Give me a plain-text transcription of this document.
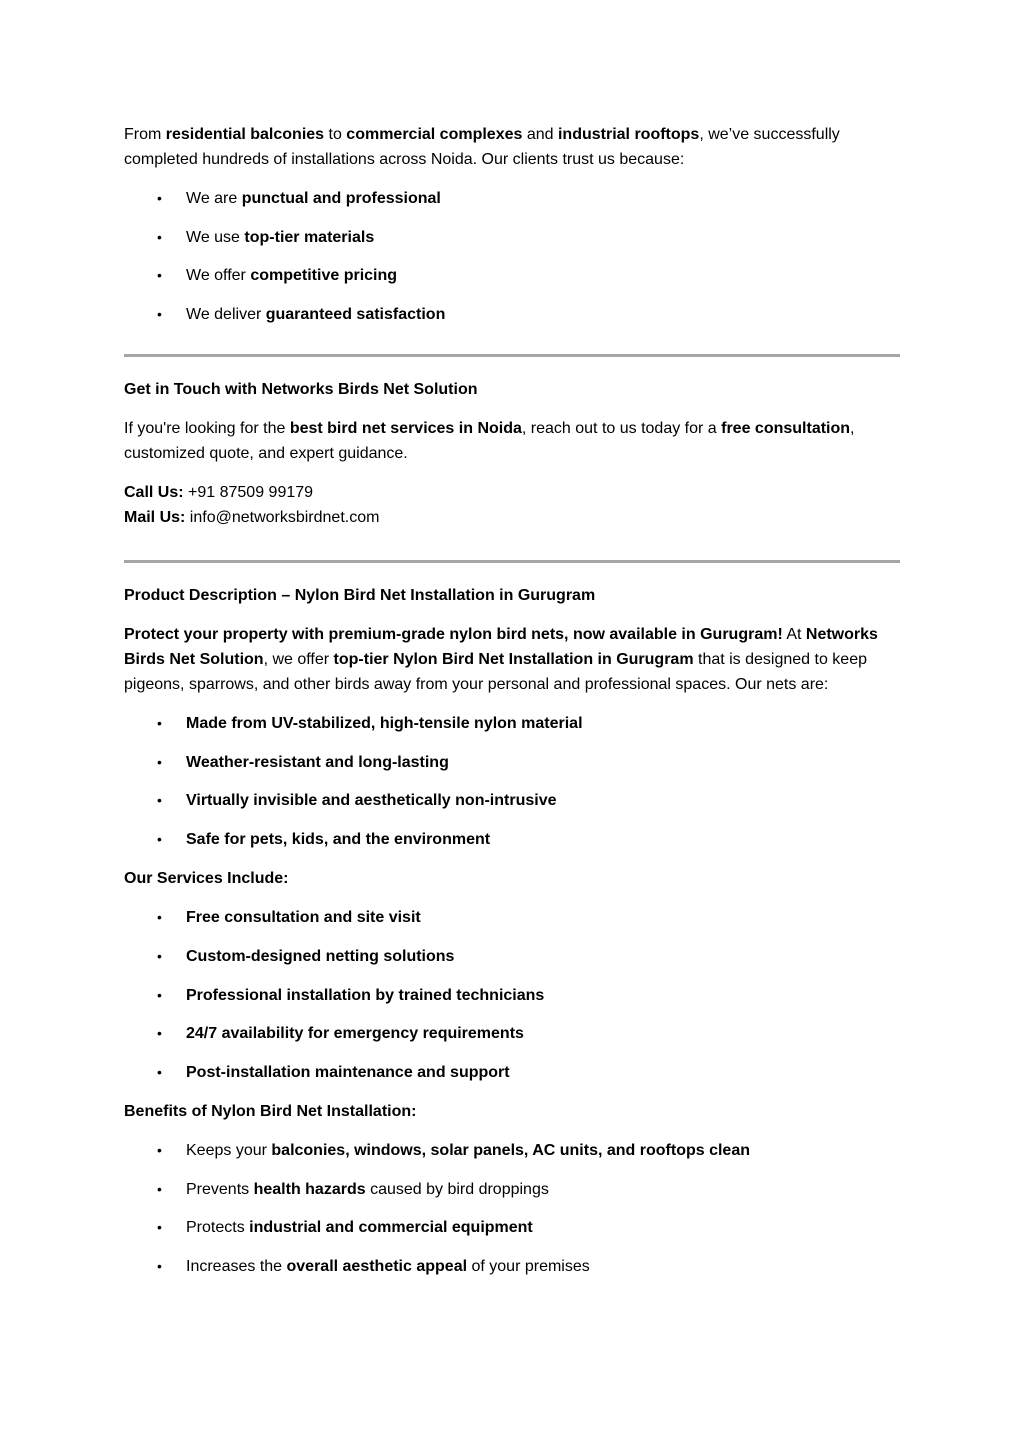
From residential balconies to commercial complexes and industrial rooftops, we’ve successfully completed hundreds of installations across Noida. Our clients trust us because:

• We are punctual and professional
• We use top-tier materials
• We offer competitive pricing
• We deliver guaranteed satisfaction

Get in Touch with Networks Birds Net Solution

If you're looking for the best bird net services in Noida, reach out to us today for a free consultation, customized quote, and expert guidance.

Call Us: +91 87509 99179

Mail Us: info@networksbirdnet.com

Product Description – Nylon Bird Net Installation in Gurugram

Protect your property with premium-grade nylon bird nets, now available in Gurugram! At Networks Birds Net Solution, we offer top-tier Nylon Bird Net Installation in Gurugram that is designed to keep pigeons, sparrows, and other birds away from your personal and professional spaces. Our nets are:

• Made from UV-stabilized, high-tensile nylon material
• Weather-resistant and long-lasting
• Virtually invisible and aesthetically non-intrusive
• Safe for pets, kids, and the environment

Our Services Include:

• Free consultation and site visit
• Custom-designed netting solutions
• Professional installation by trained technicians
• 24/7 availability for emergency requirements
• Post-installation maintenance and support

Benefits of Nylon Bird Net Installation:

• Keeps your balconies, windows, solar panels, AC units, and rooftops clean
• Prevents health hazards caused by bird droppings
• Protects industrial and commercial equipment
• Increases the overall aesthetic appeal of your premises
